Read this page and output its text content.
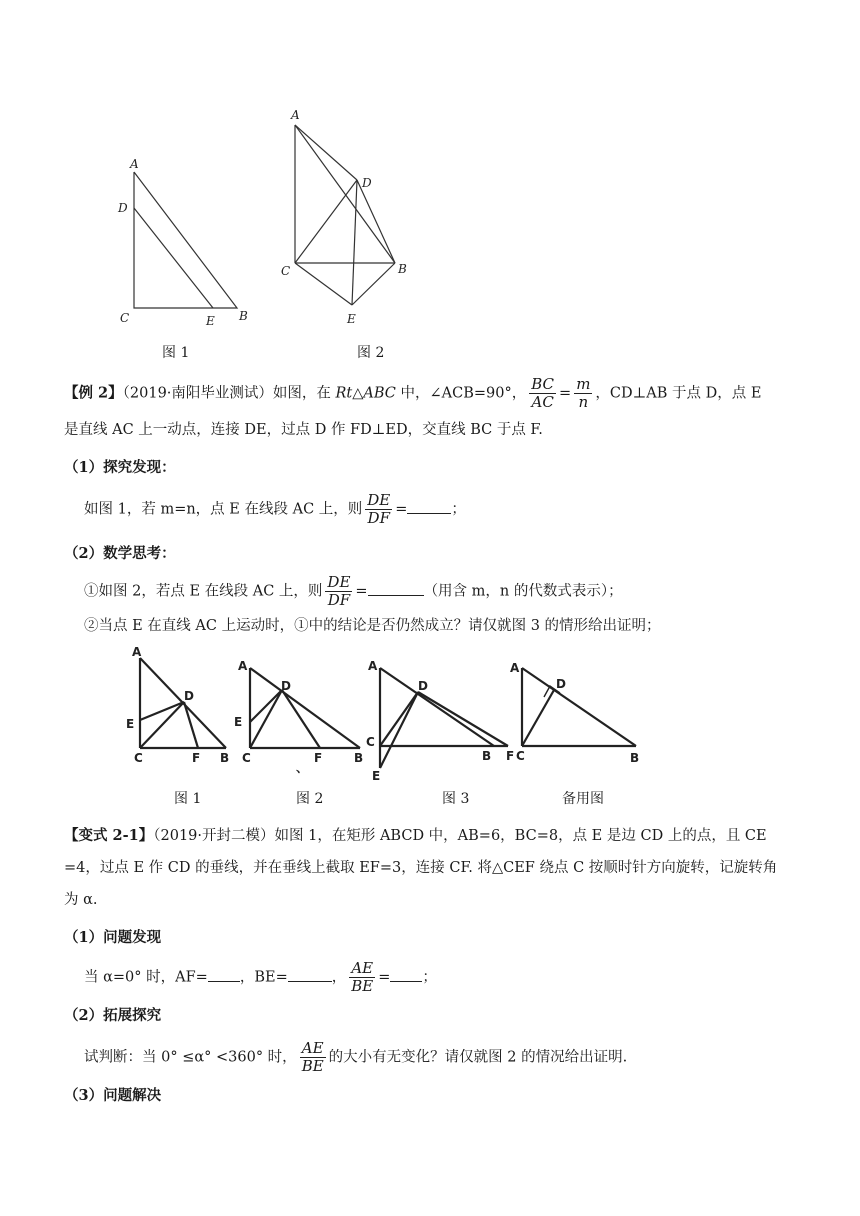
A
D
C	E B
图 1
A
D
C	B
E
图 2
【例 2】（2019·南阳毕业测试）如图，在 Rt△ABC 中，∠ACB=90°， $\frac{BC}{AC} = \frac{m}{n}$ ，CD⊥AB 于点 D，点 E
是直线 AC 上一动点，连接 DE，过点 D 作 FD⊥ED，交直线 BC 于点 F.
（1）探究发现：
如图 1，若 m=n，点 E 在线段 AC 上，则 $\frac{DE}{DF}$ =	；
（2）数学思考：
①如图 2，若点 E 在线段 AC 上，则 $\frac{DE}{DF}$ =	（用含 m，n 的代数式表示）；
②当点 E 在直线 AC 上运动时，①中的结论是否仍然成立？请仅就图 3 的情形给出证明；
A
D
E
C	F B
图 1
A
D
E
C	F	B
、
图 2
A
D
C
E
B F
图 3
A
D
C	B
备用图
【变式 2-1】（2019·开封二模）如图 1，在矩形 ABCD 中，AB=6，BC=8，点 E 是边 CD 上的点，且 CE
=4，过点 E 作 CD 的垂线，并在垂线上截取 EF=3，连接 CF. 将△CEF 绕点 C 按顺时针方向旋转，记旋转角
为 α.
（1）问题发现
当 α=0° 时，AF= ，BE=	， $\frac{AE}{BE}$ = ；
（2）拓展探究
试判断：当 0° ≤α° <360° 时， $\frac{AE}{BE}$ 的大小有无变化？请仅就图 2 的情况给出证明.
（3）问题解决
